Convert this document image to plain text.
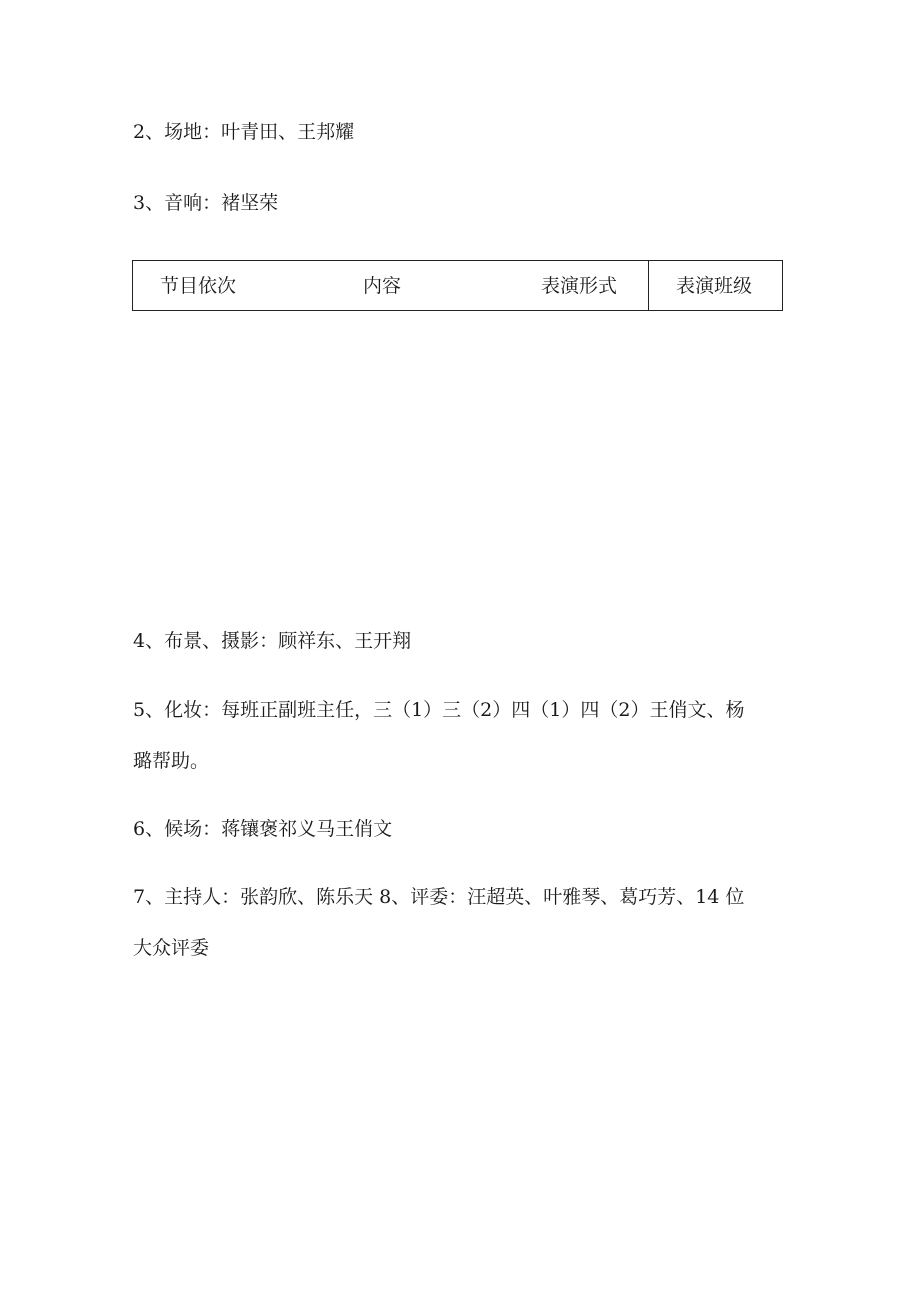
2、场地：叶青田、王邦耀
3、音响：褚坚荣
节目依次	内容	表演形式	表演班级
4、布景、摄影：顾祥东、王开翔
5、化妆：每班正副班主任，三（1）三（2）四（1）四（2）王俏文、杨
璐帮助。
6、候场：蒋镶褒祁义马王俏文
7、主持人：张韵欣、陈乐天 8、评委：汪超英、叶雅琴、葛巧芳、14 位
大众评委
